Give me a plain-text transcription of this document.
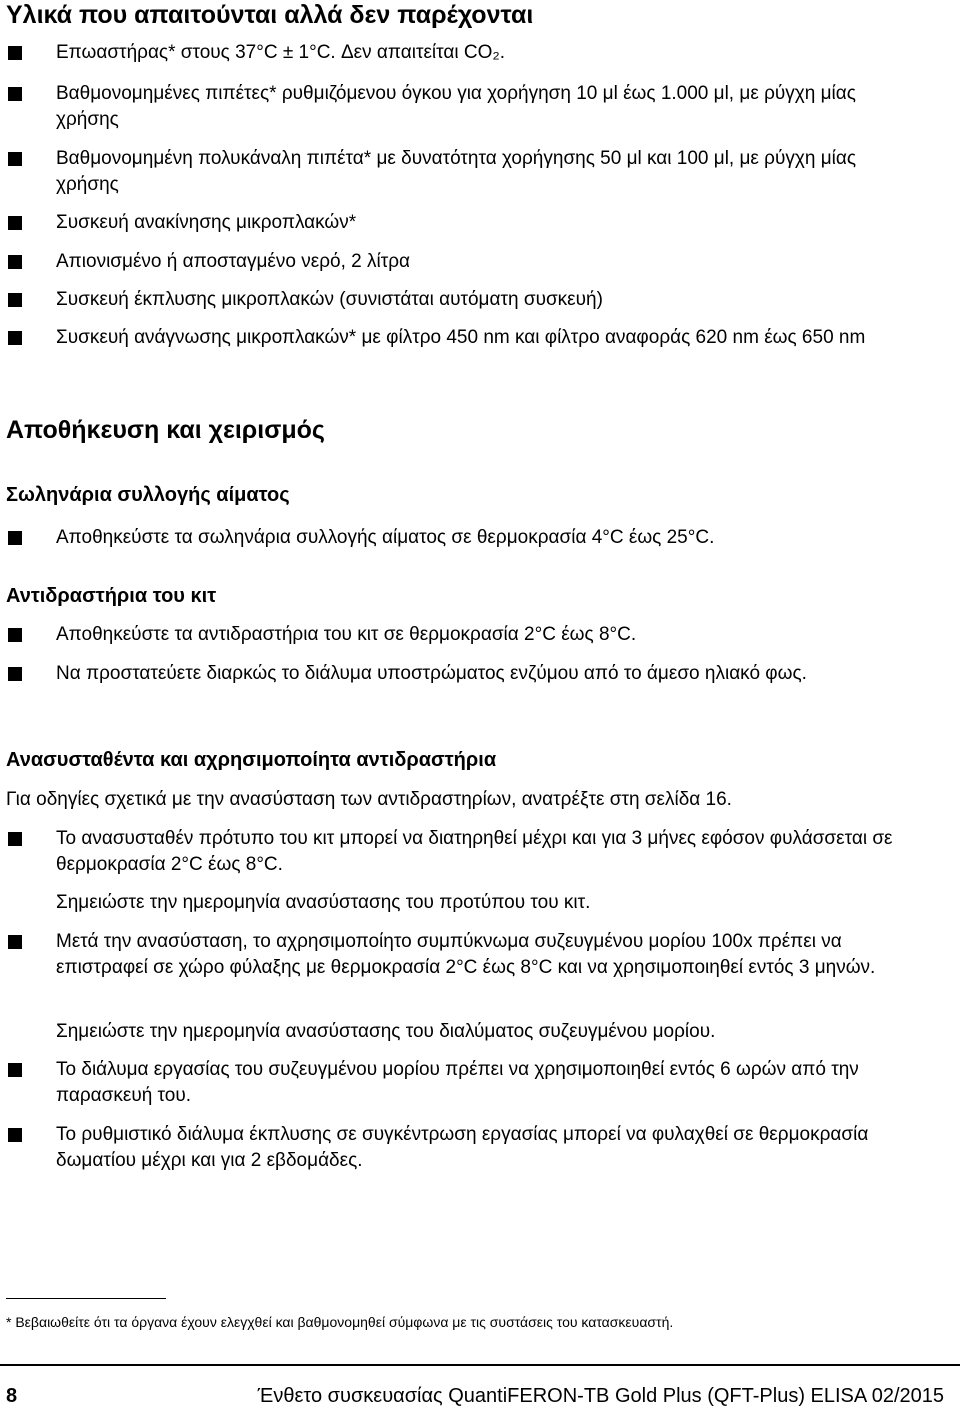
Υλικά που απαιτούνται αλλά δεν παρέχονται
Επωαστήρας* στους 37°C ± 1°C. Δεν απαιτείται CO₂.
Βαθμονομημένες πιπέτες* ρυθμιζόμενου όγκου για χορήγηση 10 μl έως 1.000 μl, με ρύγχη μίας χρήσης
Βαθμονομημένη πολυκάναλη πιπέτα* με δυνατότητα χορήγησης 50 μl και 100 μl, με ρύγχη μίας χρήσης
Συσκευή ανακίνησης μικροπλακών*
Απιονισμένο ή αποσταγμένο νερό, 2 λίτρα
Συσκευή έκπλυσης μικροπλακών (συνιστάται αυτόματη συσκευή)
Συσκευή ανάγνωσης μικροπλακών* με φίλτρο 450 nm και φίλτρο αναφοράς 620 nm έως 650 nm
Αποθήκευση και χειρισμός
Σωληνάρια συλλογής αίματος
Αποθηκεύστε τα σωληνάρια συλλογής αίματος σε θερμοκρασία 4°C έως 25°C.
Αντιδραστήρια του κιτ
Αποθηκεύστε τα αντιδραστήρια του κιτ σε θερμοκρασία 2°C έως 8°C.
Να προστατεύετε διαρκώς το διάλυμα υποστρώματος ενζύμου από το άμεσο ηλιακό φως.
Ανασυσταθέντα και αχρησιμοποίητα αντιδραστήρια
Για οδηγίες σχετικά με την ανασύσταση των αντιδραστηρίων, ανατρέξτε στη σελίδα 16.
Το ανασυσταθέν πρότυπο του κιτ μπορεί να διατηρηθεί μέχρι και για 3 μήνες εφόσον φυλάσσεται σε θερμοκρασία 2°C έως 8°C.
Σημειώστε την ημερομηνία ανασύστασης του προτύπου του κιτ.
Μετά την ανασύσταση, το αχρησιμοποίητο συμπύκνωμα συζευγμένου μορίου 100x πρέπει να επιστραφεί σε χώρο φύλαξης με θερμοκρασία 2°C έως 8°C και να χρησιμοποιηθεί εντός 3 μηνών.
Σημειώστε την ημερομηνία ανασύστασης του διαλύματος συζευγμένου μορίου.
Το διάλυμα εργασίας του συζευγμένου μορίου πρέπει να χρησιμοποιηθεί εντός 6 ωρών από την παρασκευή του.
Το ρυθμιστικό διάλυμα έκπλυσης σε συγκέντρωση εργασίας μπορεί να φυλαχθεί σε θερμοκρασία δωματίου μέχρι και για 2 εβδομάδες.
* Βεβαιωθείτε ότι τα όργανα έχουν ελεγχθεί και βαθμονομηθεί σύμφωνα με τις συστάσεις του κατασκευαστή.
8	Ένθετο συσκευασίας QuantiFERON-TB Gold Plus (QFT-Plus) ELISA 02/2015
